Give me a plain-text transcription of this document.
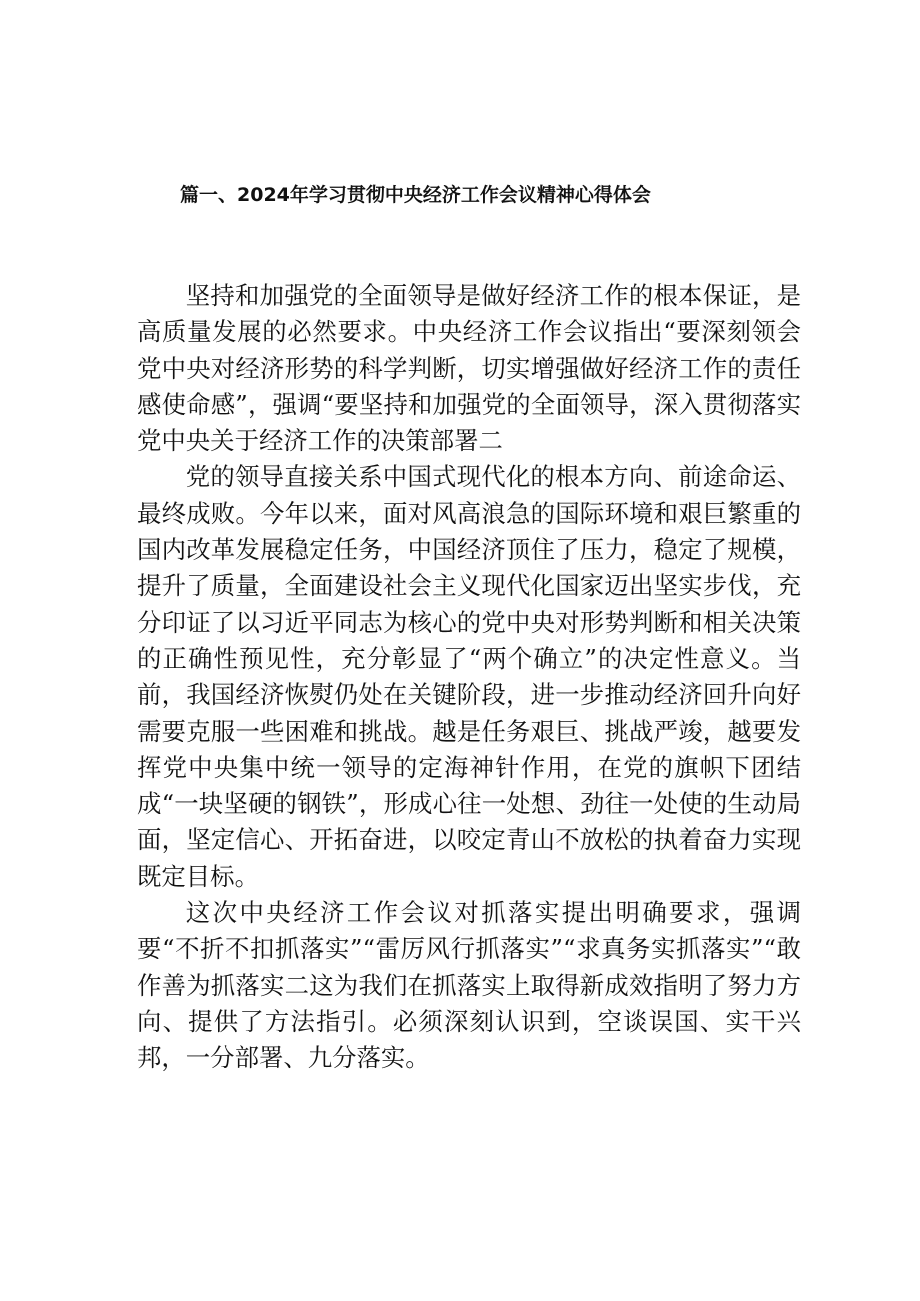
篇一、2024年学习贯彻中央经济工作会议精神心得体会

坚持和加强党的全面领导是做好经济工作的根本保证，是高质量发展的必然要求。中央经济工作会议指出“要深刻领会党中央对经济形势的科学判断，切实增强做好经济工作的责任感使命感”，强调“要坚持和加强党的全面领导，深入贯彻落实党中央关于经济工作的决策部署二

党的领导直接关系中国式现代化的根本方向、前途命运、最终成败。今年以来，面对风高浪急的国际环境和艰巨繁重的国内改革发展稳定任务，中国经济顶住了压力，稳定了规模，提升了质量，全面建设社会主义现代化国家迈出坚实步伐，充分印证了以习近平同志为核心的党中央对形势判断和相关决策的正确性预见性，充分彰显了“两个确立”的决定性意义。当前，我国经济恢熨仍处在关键阶段，进一步推动经济回升向好需要克服一些困难和挑战。越是任务艰巨、挑战严竣，越要发挥党中央集中统一领导的定海神针作用，在党的旗帜下团结成“一块坚硬的钢铁”，形成心往一处想、劲往一处使的生动局面，坚定信心、开拓奋进，以咬定青山不放松的执着奋力实现既定目标。

这次中央经济工作会议对抓落实提出明确要求，强调要“不折不扣抓落实”“雷厉风行抓落实”“求真务实抓落实”“敢作善为抓落实二这为我们在抓落实上取得新成效指明了努力方向、提供了方法指引。必须深刻认识到，空谈误国、实干兴邦，一分部署、九分落实。
